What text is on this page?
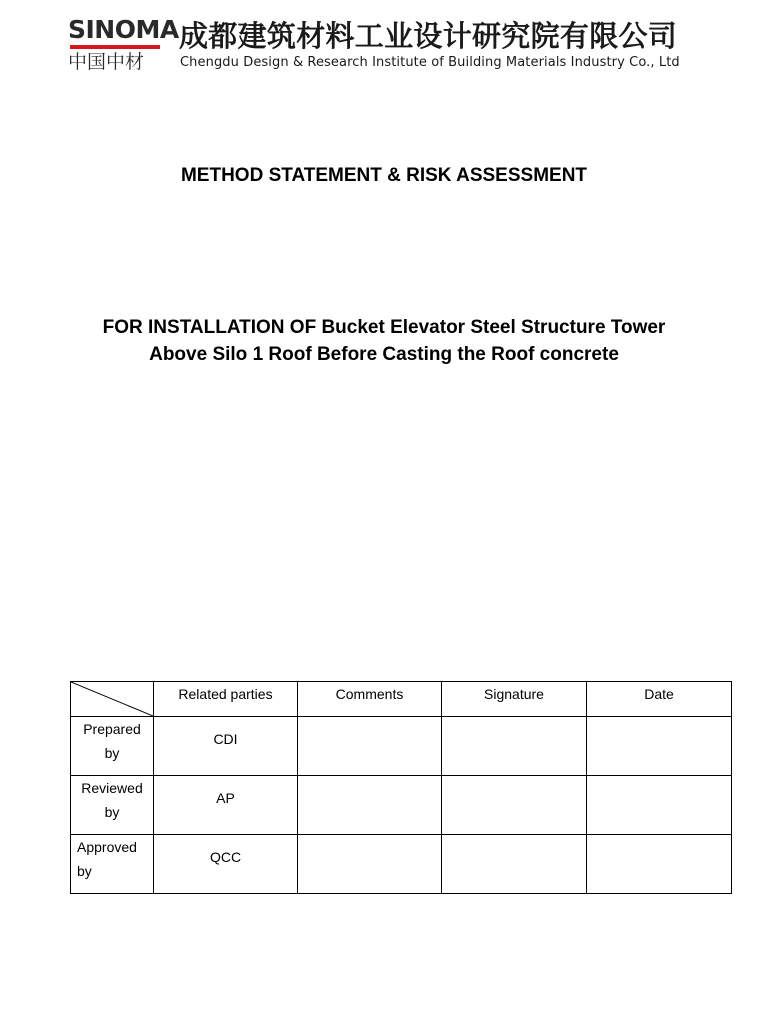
SINOMA
中国中材
成都建筑材料工业设计研究院有限公司
Chengdu Design & Research Institute of Building Materials Industry Co., Ltd
METHOD STATEMENT & RISK ASSESSMENT
FOR INSTALLATION OF Bucket Elevator Steel Structure Tower
Above Silo 1 Roof Before Casting the Roof concrete
	Related parties	Comments	Signature	Date

Prepared
by	CDI			

Reviewed
by	AP			

Approved
by	QCC			
